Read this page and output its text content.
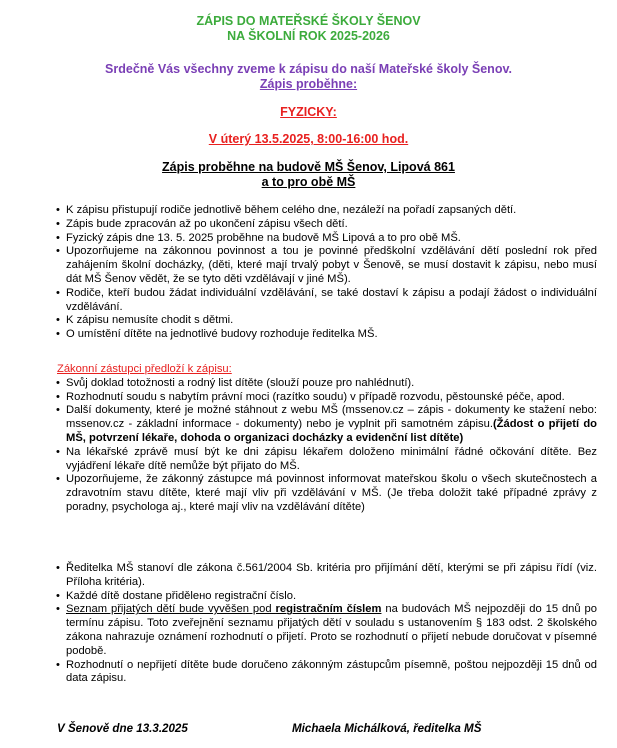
ZÁPIS DO MATEŘSKÉ ŠKOLY ŠENOV
NA ŠKOLNÍ ROK 2025-2026
Srdečně Vás všechny zveme k zápisu do naší Mateřské školy Šenov.
Zápis proběhne:
FYZICKY:
V úterý 13.5.2025, 8:00-16:00 hod.
Zápis proběhne na budově MŠ Šenov, Lipová 861
a to pro obě MŠ

• K zápisu přistupují rodiče jednotlivě během celého dne, nezáleží na pořadí zapsaných dětí.

• Zápis bude zpracován až po ukončení zápisu všech dětí.

• Fyzický zápis dne 13. 5. 2025 proběhne na budově MŠ Lipová a to pro obě MŠ.

• Upozorňujeme na zákonnou povinnost a tou je povinné předškolní vzdělávání dětí poslední rok před zahájením školní docházky, (děti, které mají trvalý pobyt v Šenově, se musí dostavit k zápisu, nebo musí dát MŠ Šenov vědět, že se tyto děti vzdělávají v jiné MŠ).

• Rodiče, kteří budou žádat individuální vzdělávání, se také dostaví k zápisu a podají žádost o individuální vzdělávání.

• K zápisu nemusíte chodit s dětmi.

• O umístění dítěte na jednotlivé budovy rozhoduje ředitelka MŠ.

Zákonní zástupci předloží k zápisu:

• Svůj doklad totožnosti a rodný list dítěte (slouží pouze pro nahlédnutí).

• Rozhodnutí soudu s nabytím právní moci (razítko soudu) v případě rozvodu, pěstounské péče, apod.

• Další dokumenty, které je možné stáhnout z webu MŠ (mssenov.cz – zápis - dokumenty ke stažení nebo: mssenov.cz - základní informace - dokumenty) nebo je vyplnit při samotném zápisu.(Žádost o přijetí do MŠ, potvrzení lékaře, dohoda o organizaci docházky a evidenční list dítěte)

• Na lékařské zprávě musí být ke dni zápisu lékařem doloženo minimální řádné očkování dítěte. Bez vyjádření lékaře dítě nemůže být přijato do MŠ.

• Upozorňujeme, že zákonný zástupce má povinnost informovat mateřskou školu o všech skutečnostech a zdravotním stavu dítěte, které mají vliv při vzdělávání v MŠ. (Je třeba doložit také případné zprávy z poradny, psychologa aj., které mají vliv na vzdělávání dítěte)

• Ředitelka MŠ stanoví dle zákona č.561/2004 Sb. kritéria pro přijímání dětí, kterými se při zápisu řídí (viz. Příloha kritéria).

• Každé dítě dostane přidělено registrační číslo.

• Seznam přijatých dětí bude vyvěšen pod registračním číslem na budovách MŠ nejpozději do 15 dnů po termínu zápisu. Toto zveřejnění seznamu přijatých dětí v souladu s ustanovením § 183 odst. 2 školského zákona nahrazuje oznámení rozhodnutí o přijetí. Proto se rozhodnutí o přijetí nebude doručovat v písemné podobě.

• Rozhodnutí o nepřijetí dítěte bude doručeno zákonným zástupcům písemně, poštou nejpozději 15 dnů od data zápisu.

V Šenově dne 13.3.2025	Michaela Michálková, ředitelka MŠ
